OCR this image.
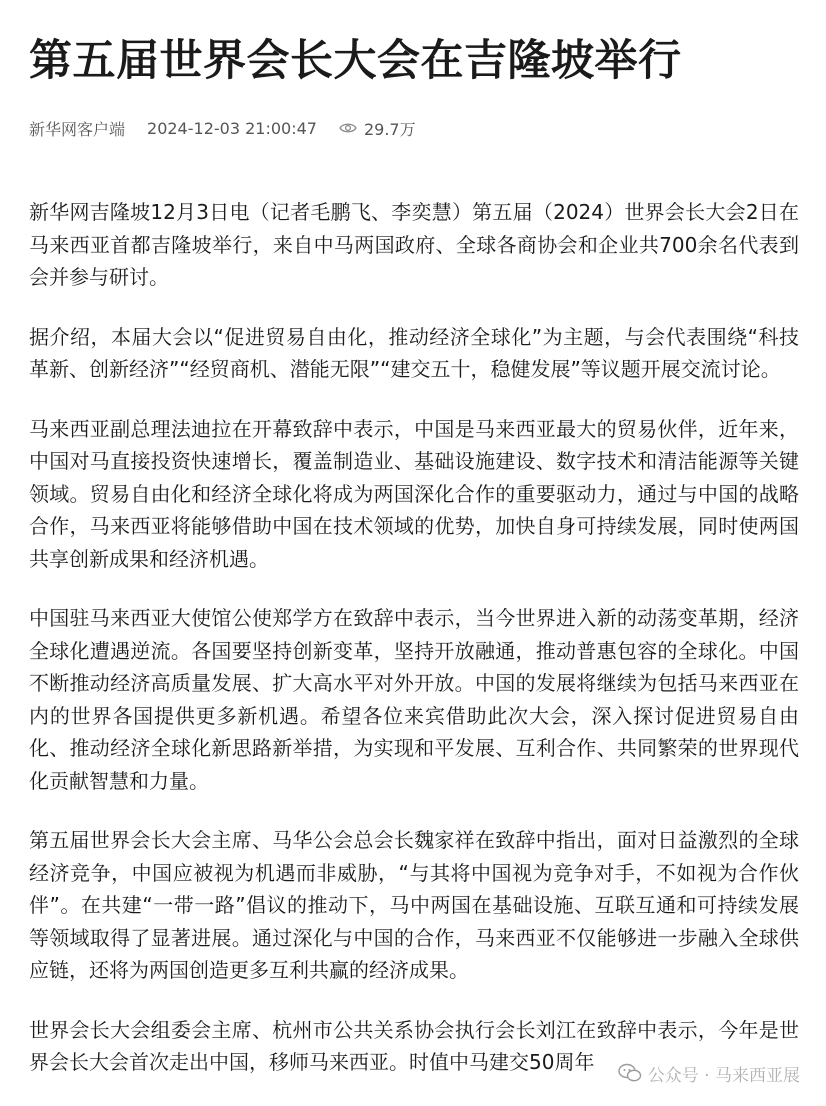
第五届世界会长大会在吉隆坡举行
新华网客户端 2024-12-03 21:00:47	29.7万

新华网吉隆坡12月3日电（记者毛鹏飞、李奕慧）第五届（2024）世界会长大会2日在马来西亚首都吉隆坡举行，来自中马两国政府、全球各商协会和企业共700余名代表到会并参与研讨。

据介绍，本届大会以“促进贸易自由化，推动经济全球化”为主题，与会代表围绕“科技革新、创新经济”“经贸商机、潜能无限”“建交五十，稳健发展”等议题开展交流讨论。

马来西亚副总理法迪拉在开幕致辞中表示，中国是马来西亚最大的贸易伙伴，近年来，中国对马直接投资快速增长，覆盖制造业、基础设施建设、数字技术和清洁能源等关键领域。贸易自由化和经济全球化将成为两国深化合作的重要驱动力，通过与中国的战略合作，马来西亚将能够借助中国在技术领域的优势，加快自身可持续发展，同时使两国共享创新成果和经济机遇。

中国驻马来西亚大使馆公使郑学方在致辞中表示，当今世界进入新的动荡变革期，经济全球化遭遇逆流。各国要坚持创新变革，坚持开放融通，推动普惠包容的全球化。中国不断推动经济高质量发展、扩大高水平对外开放。中国的发展将继续为包括马来西亚在内的世界各国提供更多新机遇。希望各位来宾借助此次大会，深入探讨促进贸易自由化、推动经济全球化新思路新举措，为实现和平发展、互利合作、共同繁荣的世界现代化贡献智慧和力量。

第五届世界会长大会主席、马华公会总会长魏家祥在致辞中指出，面对日益激烈的全球经济竞争，中国应被视为机遇而非威胁，“与其将中国视为竞争对手，不如视为合作伙伴”。在共建“一带一路”倡议的推动下，马中两国在基础设施、互联互通和可持续发展等领域取得了显著进展。通过深化与中国的合作，马来西亚不仅能够进一步融入全球供应链，还将为两国创造更多互利共赢的经济成果。

世界会长大会组委会主席、杭州市公共关系协会执行会长刘江在致辞中表示，今年是世界会长大会首次走出中国，移师马来西亚。时值中马建交50周年

公众号 · 马来西亚展
